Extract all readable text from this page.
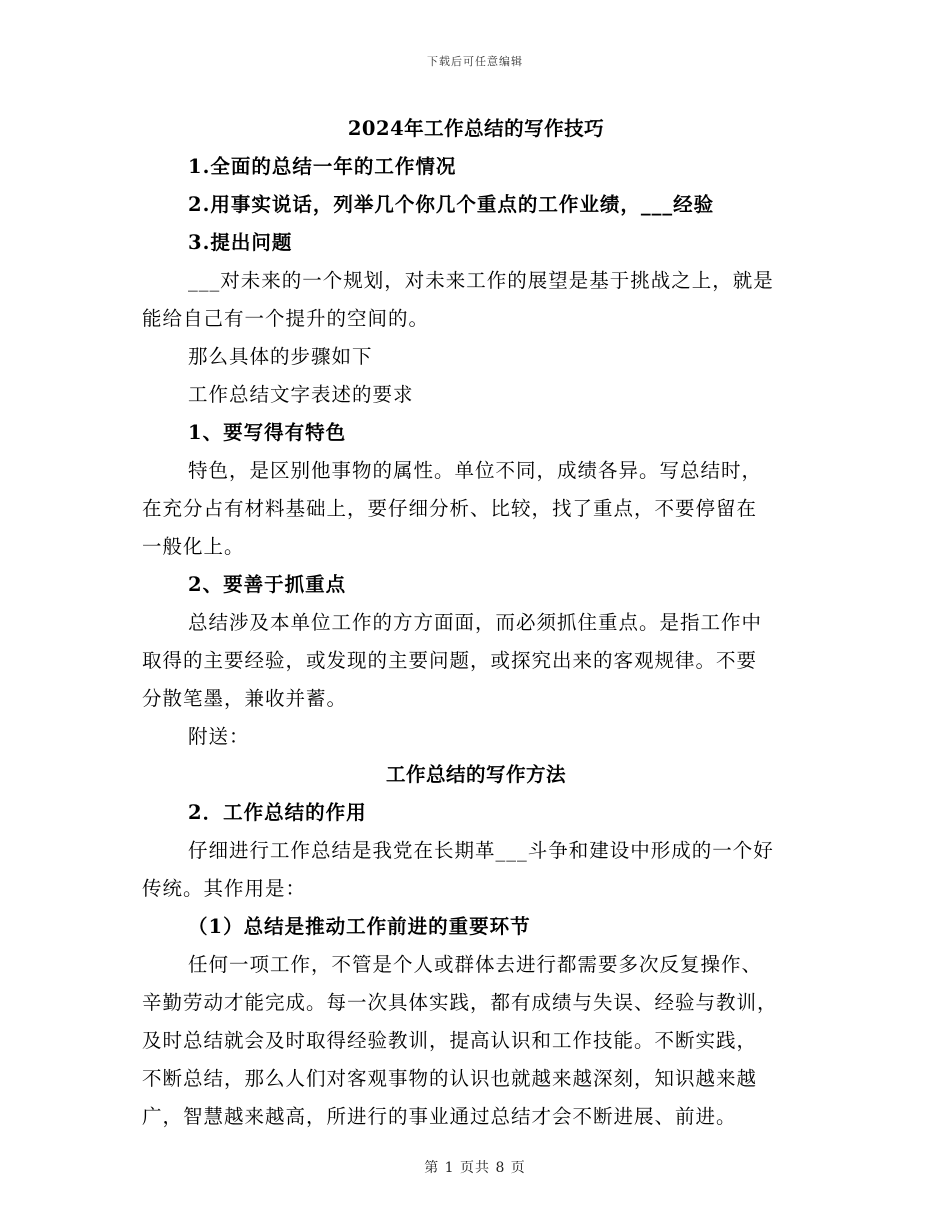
下载后可任意编辑
2024年工作总结的写作技巧
1.全面的总结一年的工作情况
2.用事实说话，列举几个你几个重点的工作业绩，___经验
3.提出问题
___对未来的一个规划，对未来工作的展望是基于挑战之上，就是
能给自己有一个提升的空间的。
那么具体的步骤如下
工作总结文字表述的要求
1、要写得有特色
特色，是区别他事物的属性。单位不同，成绩各异。写总结时，
在充分占有材料基础上，要仔细分析、比较，找了重点，不要停留在
一般化上。
2、要善于抓重点
总结涉及本单位工作的方方面面，而必须抓住重点。是指工作中
取得的主要经验，或发现的主要问题，或探究出来的客观规律。不要
分散笔墨，兼收并蓄。
附送：
工作总结的写作方法
2．工作总结的作用
仔细进行工作总结是我党在长期革___斗争和建设中形成的一个好
传统。其作用是：
（1）总结是推动工作前进的重要环节
任何一项工作，不管是个人或群体去进行都需要多次反复操作、
辛勤劳动才能完成。每一次具体实践，都有成绩与失误、经验与教训，
及时总结就会及时取得经验教训，提高认识和工作技能。不断实践，
不断总结，那么人们对客观事物的认识也就越来越深刻，知识越来越
广，智慧越来越高，所进行的事业通过总结才会不断进展、前进。
第 1 页共 8 页
